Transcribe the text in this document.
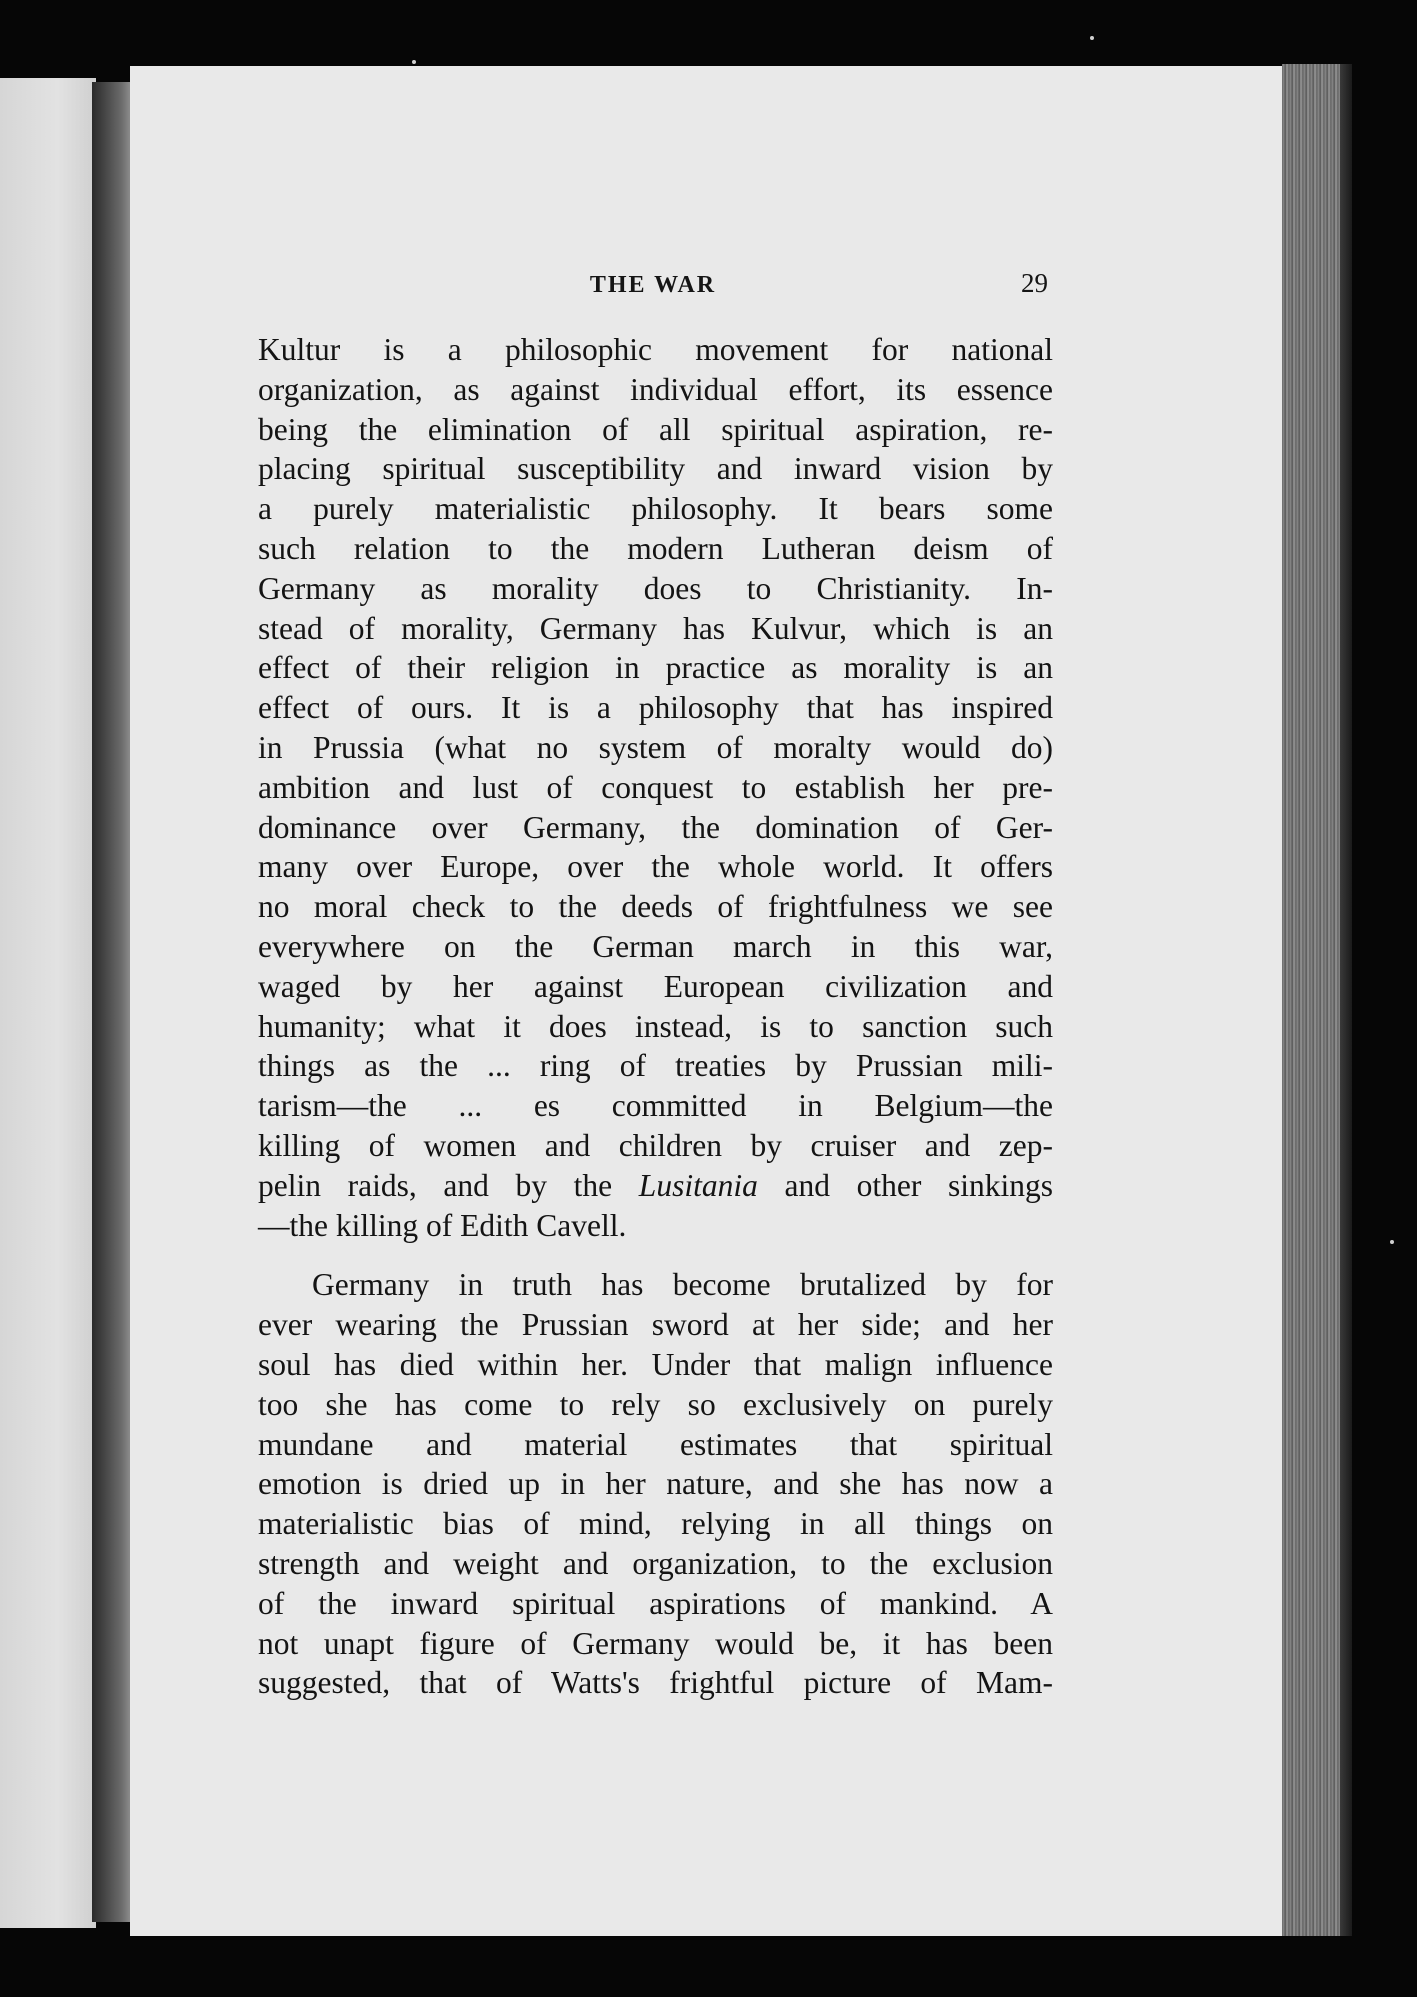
THE WAR	29

Kultur is a philosophic movement for national
organization, as against individual effort, its essence
being the elimination of all spiritual aspiration, re-
placing spiritual susceptibility and inward vision by
a purely materialistic philosophy. It bears some
such relation to the modern Lutheran deism of
Germany as morality does to Christianity. In-
stead of morality, Germany has Kulvur, which is an
effect of their religion in practice as morality is an
effect of ours. It is a philosophy that has inspired
in Prussia (what no system of moralty would do)
ambition and lust of conquest to establish her pre-
dominance over Germany, the domination of Ger-
many over Europe, over the whole world. It offers
no moral check to the deeds of frightfulness we see
everywhere on the German march in this war,
waged by her against European civilization and
humanity; what it does instead, is to sanction such
things as the ... ring of treaties by Prussian mili-
tarism—the ... es committed in Belgium—the
killing of women and children by cruiser and zep-
pelin raids, and by the Lusitania and other sinkings
—the killing of Edith Cavell.

Germany in truth has become brutalized by for
ever wearing the Prussian sword at her side; and her
soul has died within her. Under that malign influence
too she has come to rely so exclusively on purely
mundane and material estimates that spiritual
emotion is dried up in her nature, and she has now a
materialistic bias of mind, relying in all things on
strength and weight and organization, to the exclusion
of the inward spiritual aspirations of mankind. A
not unapt figure of Germany would be, it has been
suggested, that of Watts's frightful picture of Mam-
